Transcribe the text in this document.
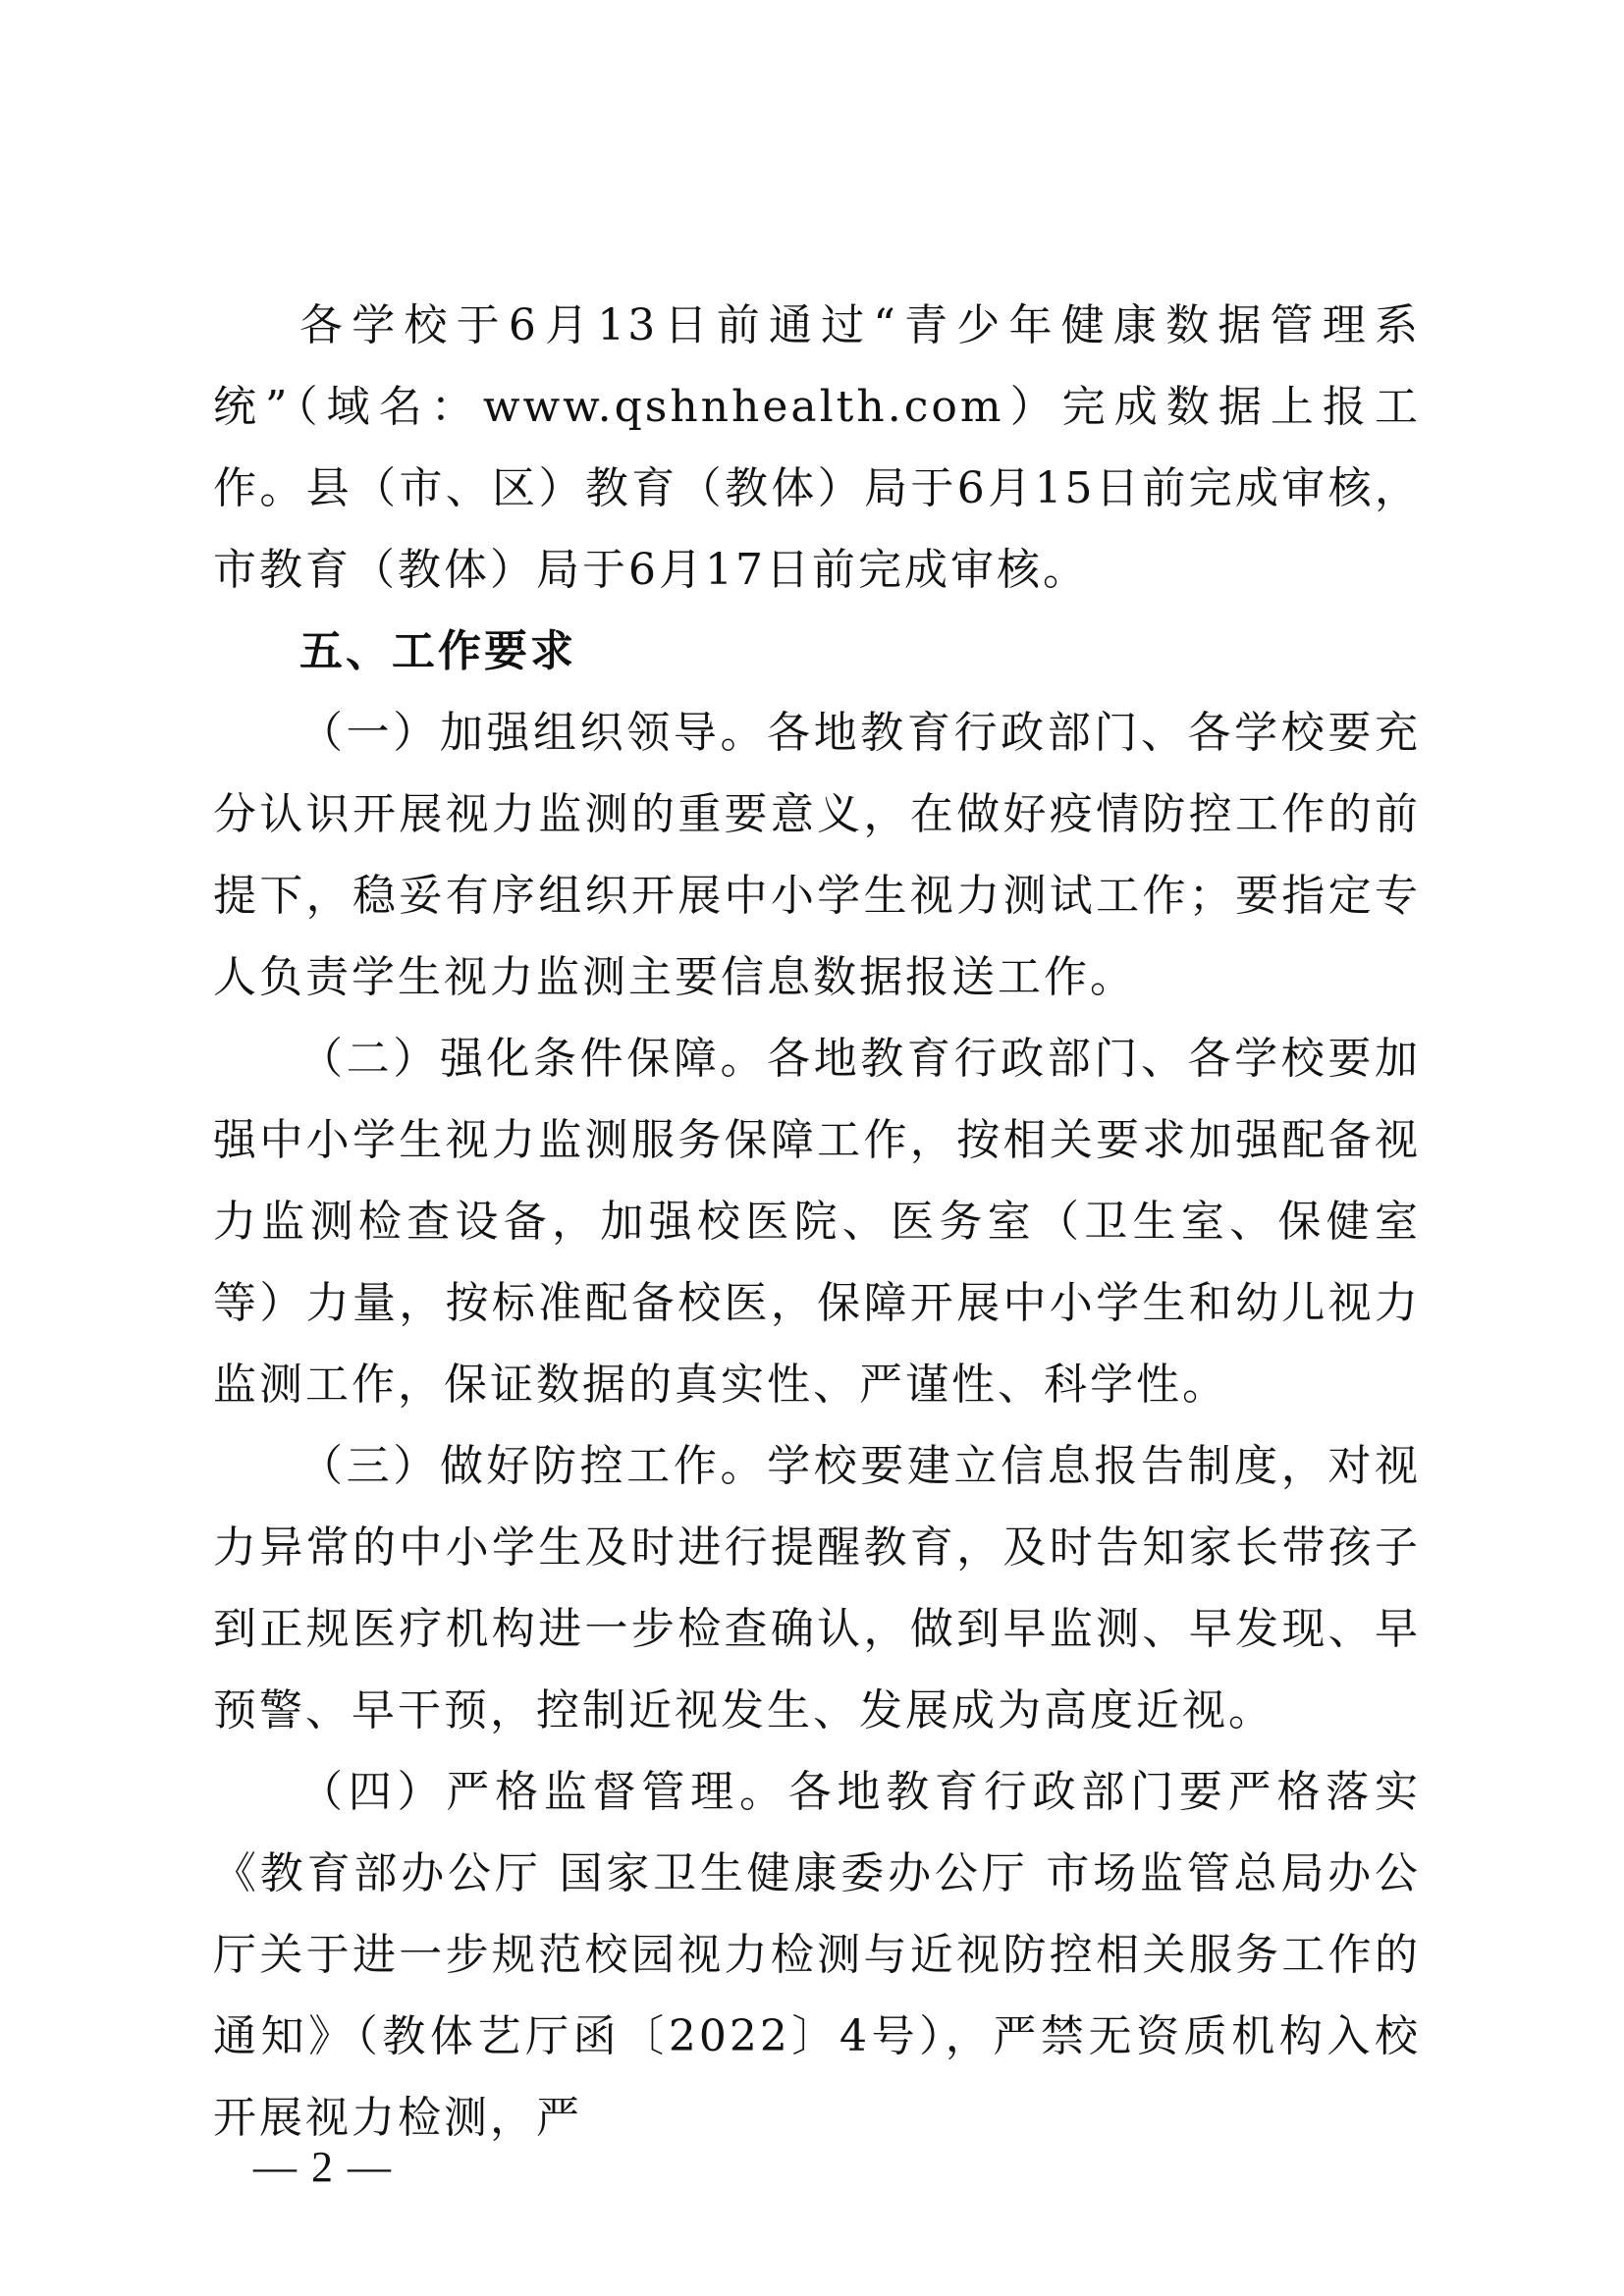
各学校于6月13日前通过“青少年健康数据管理系统”（域名：www.qshnhealth.com）完成数据上报工作。县（市、区）教育（教体）局于6月15日前完成审核，市教育（教体）局于6月17日前完成审核。

五、工作要求

（一）加强组织领导。各地教育行政部门、各学校要充分认识开展视力监测的重要意义，在做好疫情防控工作的前提下，稳妥有序组织开展中小学生视力测试工作；要指定专人负责学生视力监测主要信息数据报送工作。

（二）强化条件保障。各地教育行政部门、各学校要加强中小学生视力监测服务保障工作，按相关要求加强配备视力监测检查设备，加强校医院、医务室（卫生室、保健室等）力量，按标准配备校医，保障开展中小学生和幼儿视力监测工作，保证数据的真实性、严谨性、科学性。

（三）做好防控工作。学校要建立信息报告制度，对视力异常的中小学生及时进行提醒教育，及时告知家长带孩子到正规医疗机构进一步检查确认，做到早监测、早发现、早预警、早干预，控制近视发生、发展成为高度近视。

（四）严格监督管理。各地教育行政部门要严格落实《教育部办公厅 国家卫生健康委办公厅 市场监管总局办公厅关于进一步规范校园视力检测与近视防控相关服务工作的通知》（教体艺厅函〔2022〕4号），严禁无资质机构入校开展视力检测，严

— 2 —
